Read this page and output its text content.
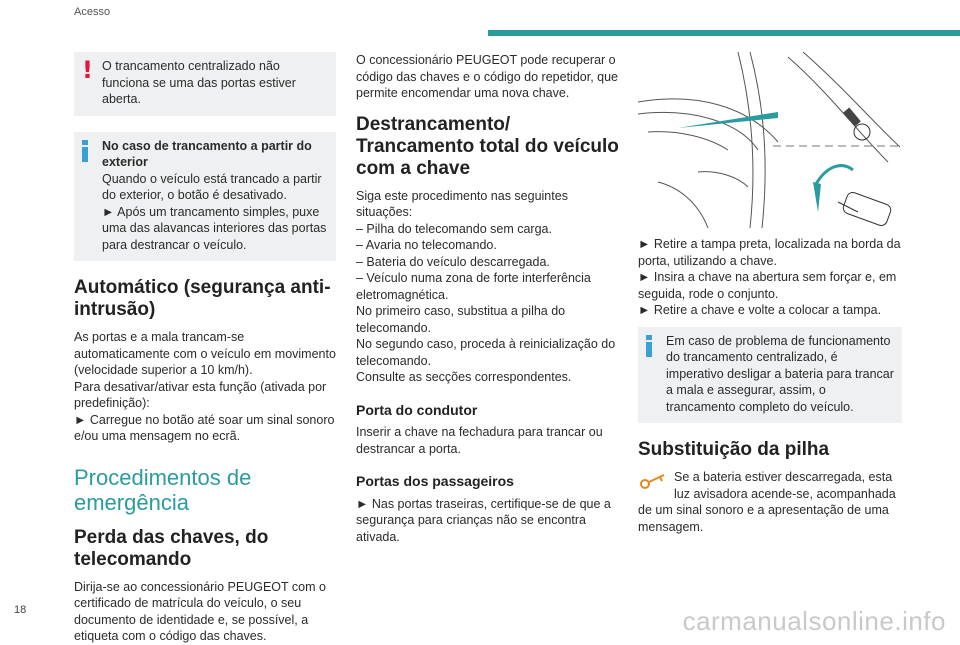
Acesso
! O trancamento centralizado não funciona se uma das portas estiver aberta.

No caso de trancamento a partir do exterior

Quando o veículo está trancado a partir do exterior, o botão é desativado.

► Após um trancamento simples, puxe uma das alavancas interiores das portas para destrancar o veículo.

Automático (segurança anti-intrusão)

As portas e a mala trancam-se automaticamente com o veículo em movimento (velocidade superior a 10 km/h).

Para desativar/ativar esta função (ativada por predefinição):

► Carregue no botão até soar um sinal sonoro e/ou uma mensagem no ecrã.

Procedimentos de emergência
Perda das chaves, do telecomando

Dirija-se ao concessionário PEUGEOT com o certificado de matrícula do veículo, o seu documento de identidade e, se possível, a etiqueta com o código das chaves.

O concessionário PEUGEOT pode recuperar o código das chaves e o código do repetidor, que permite encomendar uma nova chave.

Destrancamento/ Trancamento total do veículo com a chave

Siga este procedimento nas seguintes situações:

– Pilha do telecomando sem carga.

– Avaria no telecomando.

– Bateria do veículo descarregada.

– Veículo numa zona de forte interferência eletromagnética.

No primeiro caso, substitua a pilha do telecomando.

No segundo caso, proceda à reinicialização do telecomando.

Consulte as secções correspondentes.

Porta do condutor

Inserir a chave na fechadura para trancar ou destrancar a porta.

Portas dos passageiros

► Nas portas traseiras, certifique-se de que a segurança para crianças não se encontra ativada.

► Retire a tampa preta, localizada na borda da porta, utilizando a chave.

► Insira a chave na abertura sem forçar e, em seguida, rode o conjunto.

► Retire a chave e volte a colocar a tampa.

Em caso de problema de funcionamento do trancamento centralizado, é imperativo desligar a bateria para trancar a mala e assegurar, assim, o trancamento completo do veículo.

Substituição da pilha

Se a bateria estiver descarregada, esta luz avisadora acende-se, acompanhada de um sinal sonoro e a apresentação de uma mensagem.

18	carmanualsonline.info
